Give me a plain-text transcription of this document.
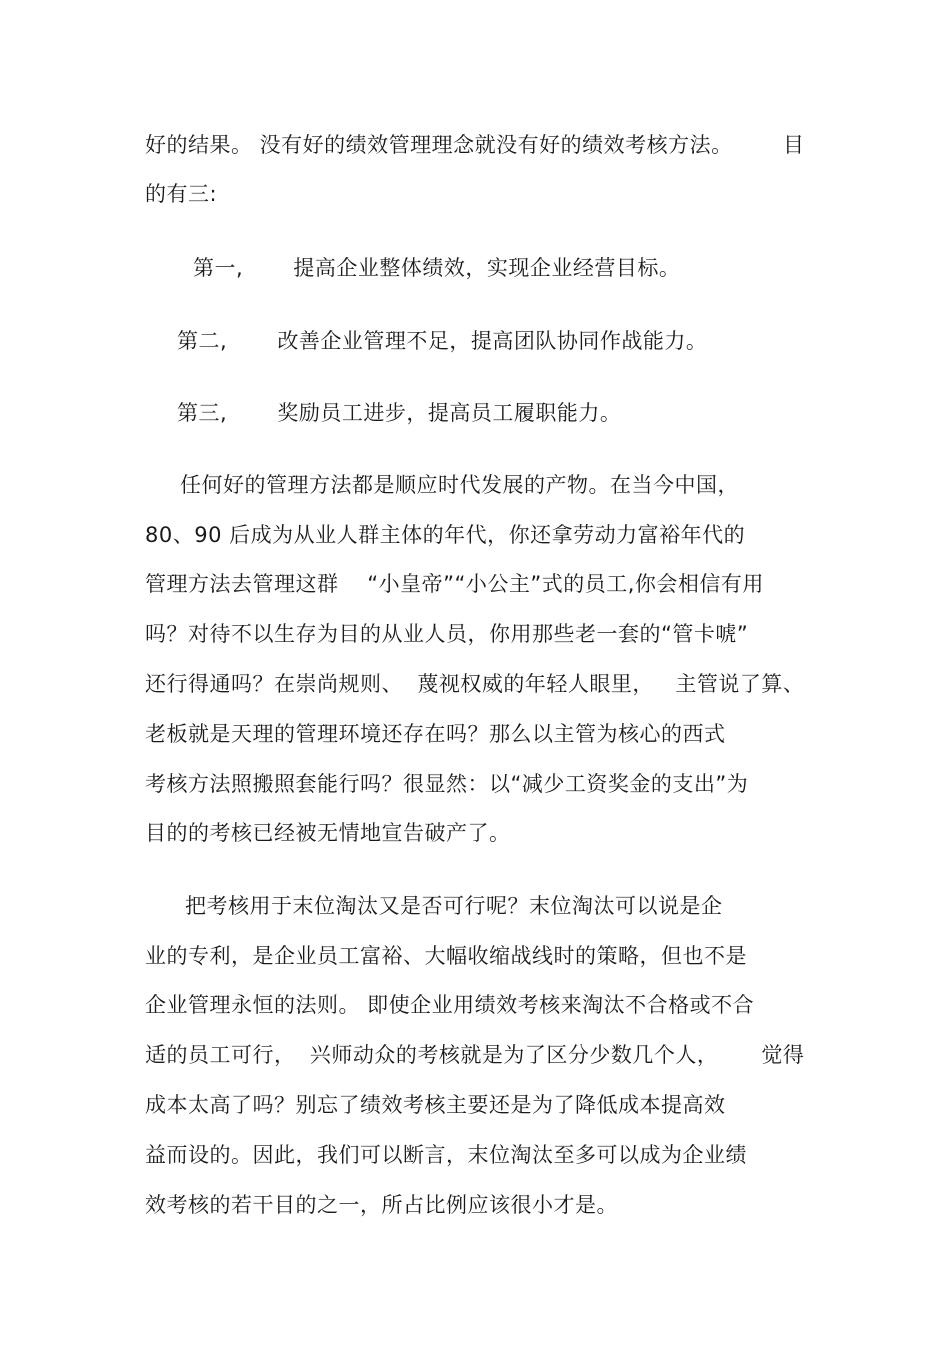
好的结果。 没有好的绩效管理理念就没有好的绩效考核方法。	目
的有三:
第一,       提高企业整体绩效，实现企业经营目标。
第二,       改善企业管理不足，提高团队协同作战能力。
第三,       奖励员工进步，提高员工履职能力。
任何好的管理方法都是顺应时代发展的产物。在当今中国，
80、90 后成为从业人群主体的年代，你还拿劳动力富裕年代的
管理方法去管理这群    “小皇帝”“小公主”式的员工,你会相信有用
吗？对待不以生存为目的从业人员，你用那些老一套的“管卡唬”
还行得通吗？在崇尚规则、  蔑视权威的年轻人眼里，   主管说了算、
老板就是天理的管理环境还存在吗？那么以主管为核心的西式
考核方法照搬照套能行吗？很显然：以“减少工资奖金的支出”为
目的的考核已经被无情地宣告破产了。
把考核用于末位淘汰又是否可行呢？末位淘汰可以说是企
业的专利，是企业员工富裕、大幅收缩战线时的策略，但也不是
企业管理永恒的法则。 即使企业用绩效考核来淘汰不合格或不合
适的员工可行，  兴师动众的考核就是为了区分少数几个人，      觉得
成本太高了吗？别忘了绩效考核主要还是为了降低成本提高效
益而设的。因此，我们可以断言，末位淘汰至多可以成为企业绩
效考核的若干目的之一，所占比例应该很小才是。
